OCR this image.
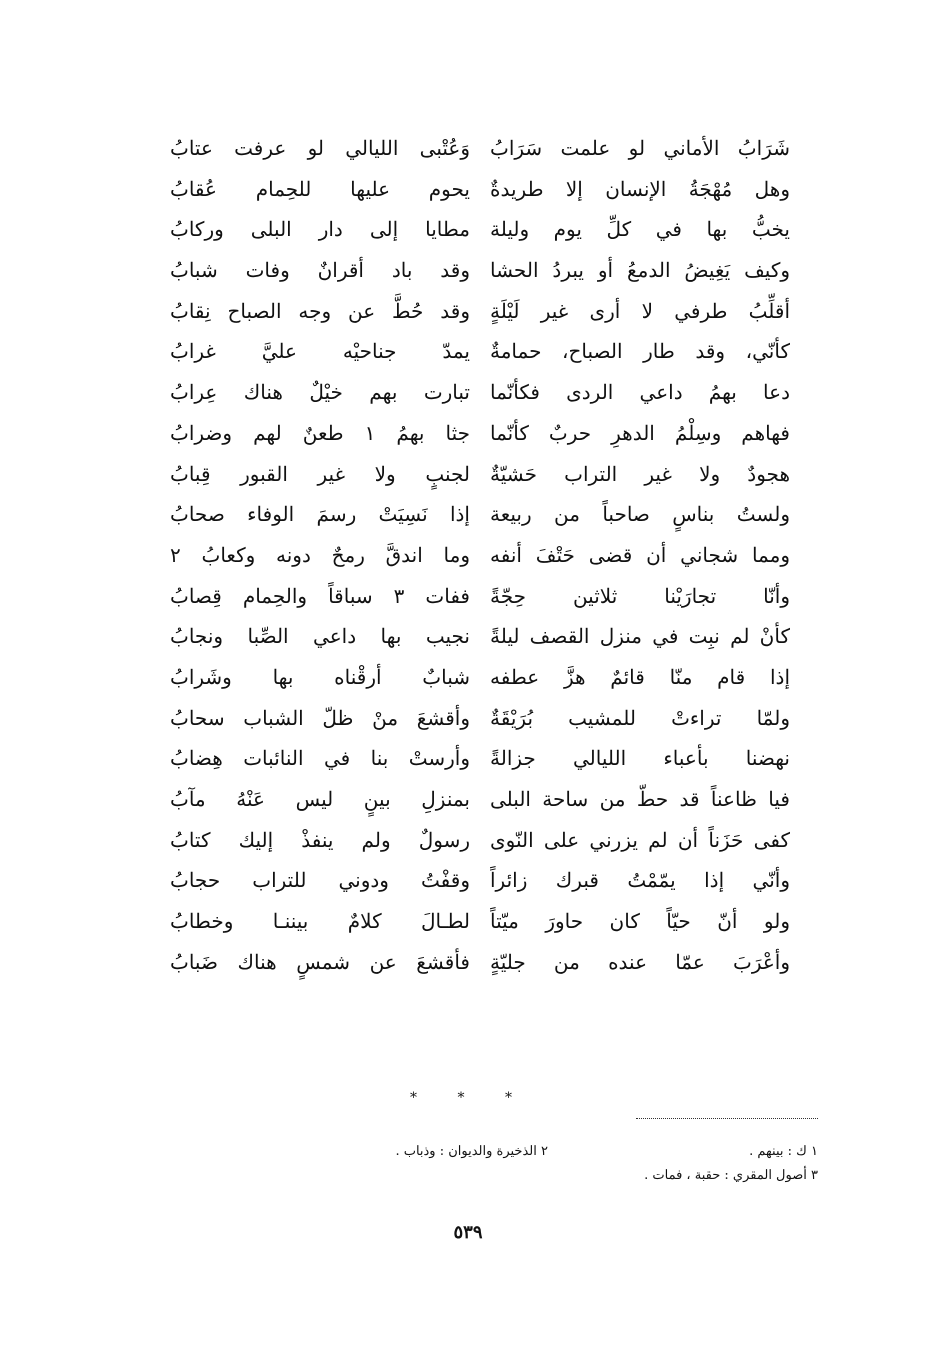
شَرَابُ الأماني لو علمت سَرَابُ
وهل مُهْجَةُ الإنسان إلا طريدةٌ
يخبُّ بها في كلِّ يوم وليلة
وكيف يَغِيضُ الدمعُ أو يبردُ الحشا
أقلِّبُ طرفي لا أرى غير لَيْلَةٍ
كأنّي، وقد طار الصباح، حمامةٌ
دعا بهمُ داعي الردى فكأنّما
فهاهم وسِلْمُ الدهرِ حربٌ كأنّما
هجودٌ ولا غير التراب حَشيّةٌ
ولستُ بناسٍ صاحباً من ربيعة
ومما شجاني أن قضى حَتْفَ أنفه
وأنّا تجارَيْنا ثلاثين حِجّةً
كأنْ لم نبِت في منزل القصف ليلةً
إذا قام منّا قائمٌ هزَّ عطفه
ولمّا تراءتْ للمشيب بُرَيْقَةٌ
نهضنا بأعباء الليالي جزالةً
فيا ظاعناً قد حطّ من ساحة البلى
كفى حَزَناً أن لم يزرني على النّوى
وأنّي إذا يمّمْتُ قبرك زائراً
ولو أنّ حيّاً كان حاورَ ميّتاً
وأعْرَبَ عمّا عنده من جليّةٍ
وَعُتْبى الليالي لو عرفت عتابُ
يحوم عليها للحِمام عُقابُ
مطايا إلى دار البلى وركابُ
وقد باد أقرانٌ وفات شبابُ
وقد حُطَّ عن وجه الصباح نِقابُ
يمدّ جناحيْه عليَّ غرابُ
تبارت بهم خيْلٌ هناك عِرابُ
جثا بهمُ ١ طعنٌ لهم وضرابُ
لجنبٍ ولا غير القبور قِبابُ
إذا نَسِيَتْ رسمَ الوفاء صحابُ
وما اندقَّ رمحٌ دونه وكعابُ ٢
ففات ٣ سباقاً والحِمام قِصابُ
نجيب بها داعي الصِّبا ونجابُ
شبابٌ أرقْناه بها وشَرابُ
وأقشعَ منْ ظلّ الشباب سحابُ
وأرستْ بنا في النائبات هِضابُ
بمنزلِ بينٍ ليس عَنْهُ مآبُ
رسولٌ ولم ينفذْ إليك كتابُ
وقفْتُ ودوني للتراب حجابُ
لطـالَ كلامٌ بيننـا وخطابُ
فأقشعَ عن شمسٍ هناك ضَبابُ
* * *
١ ك : بينهم .
٢ الذخيرة والديوان : وذباب .
٣ أصول المقري : حقبة ، فمات .
٥٣٩
